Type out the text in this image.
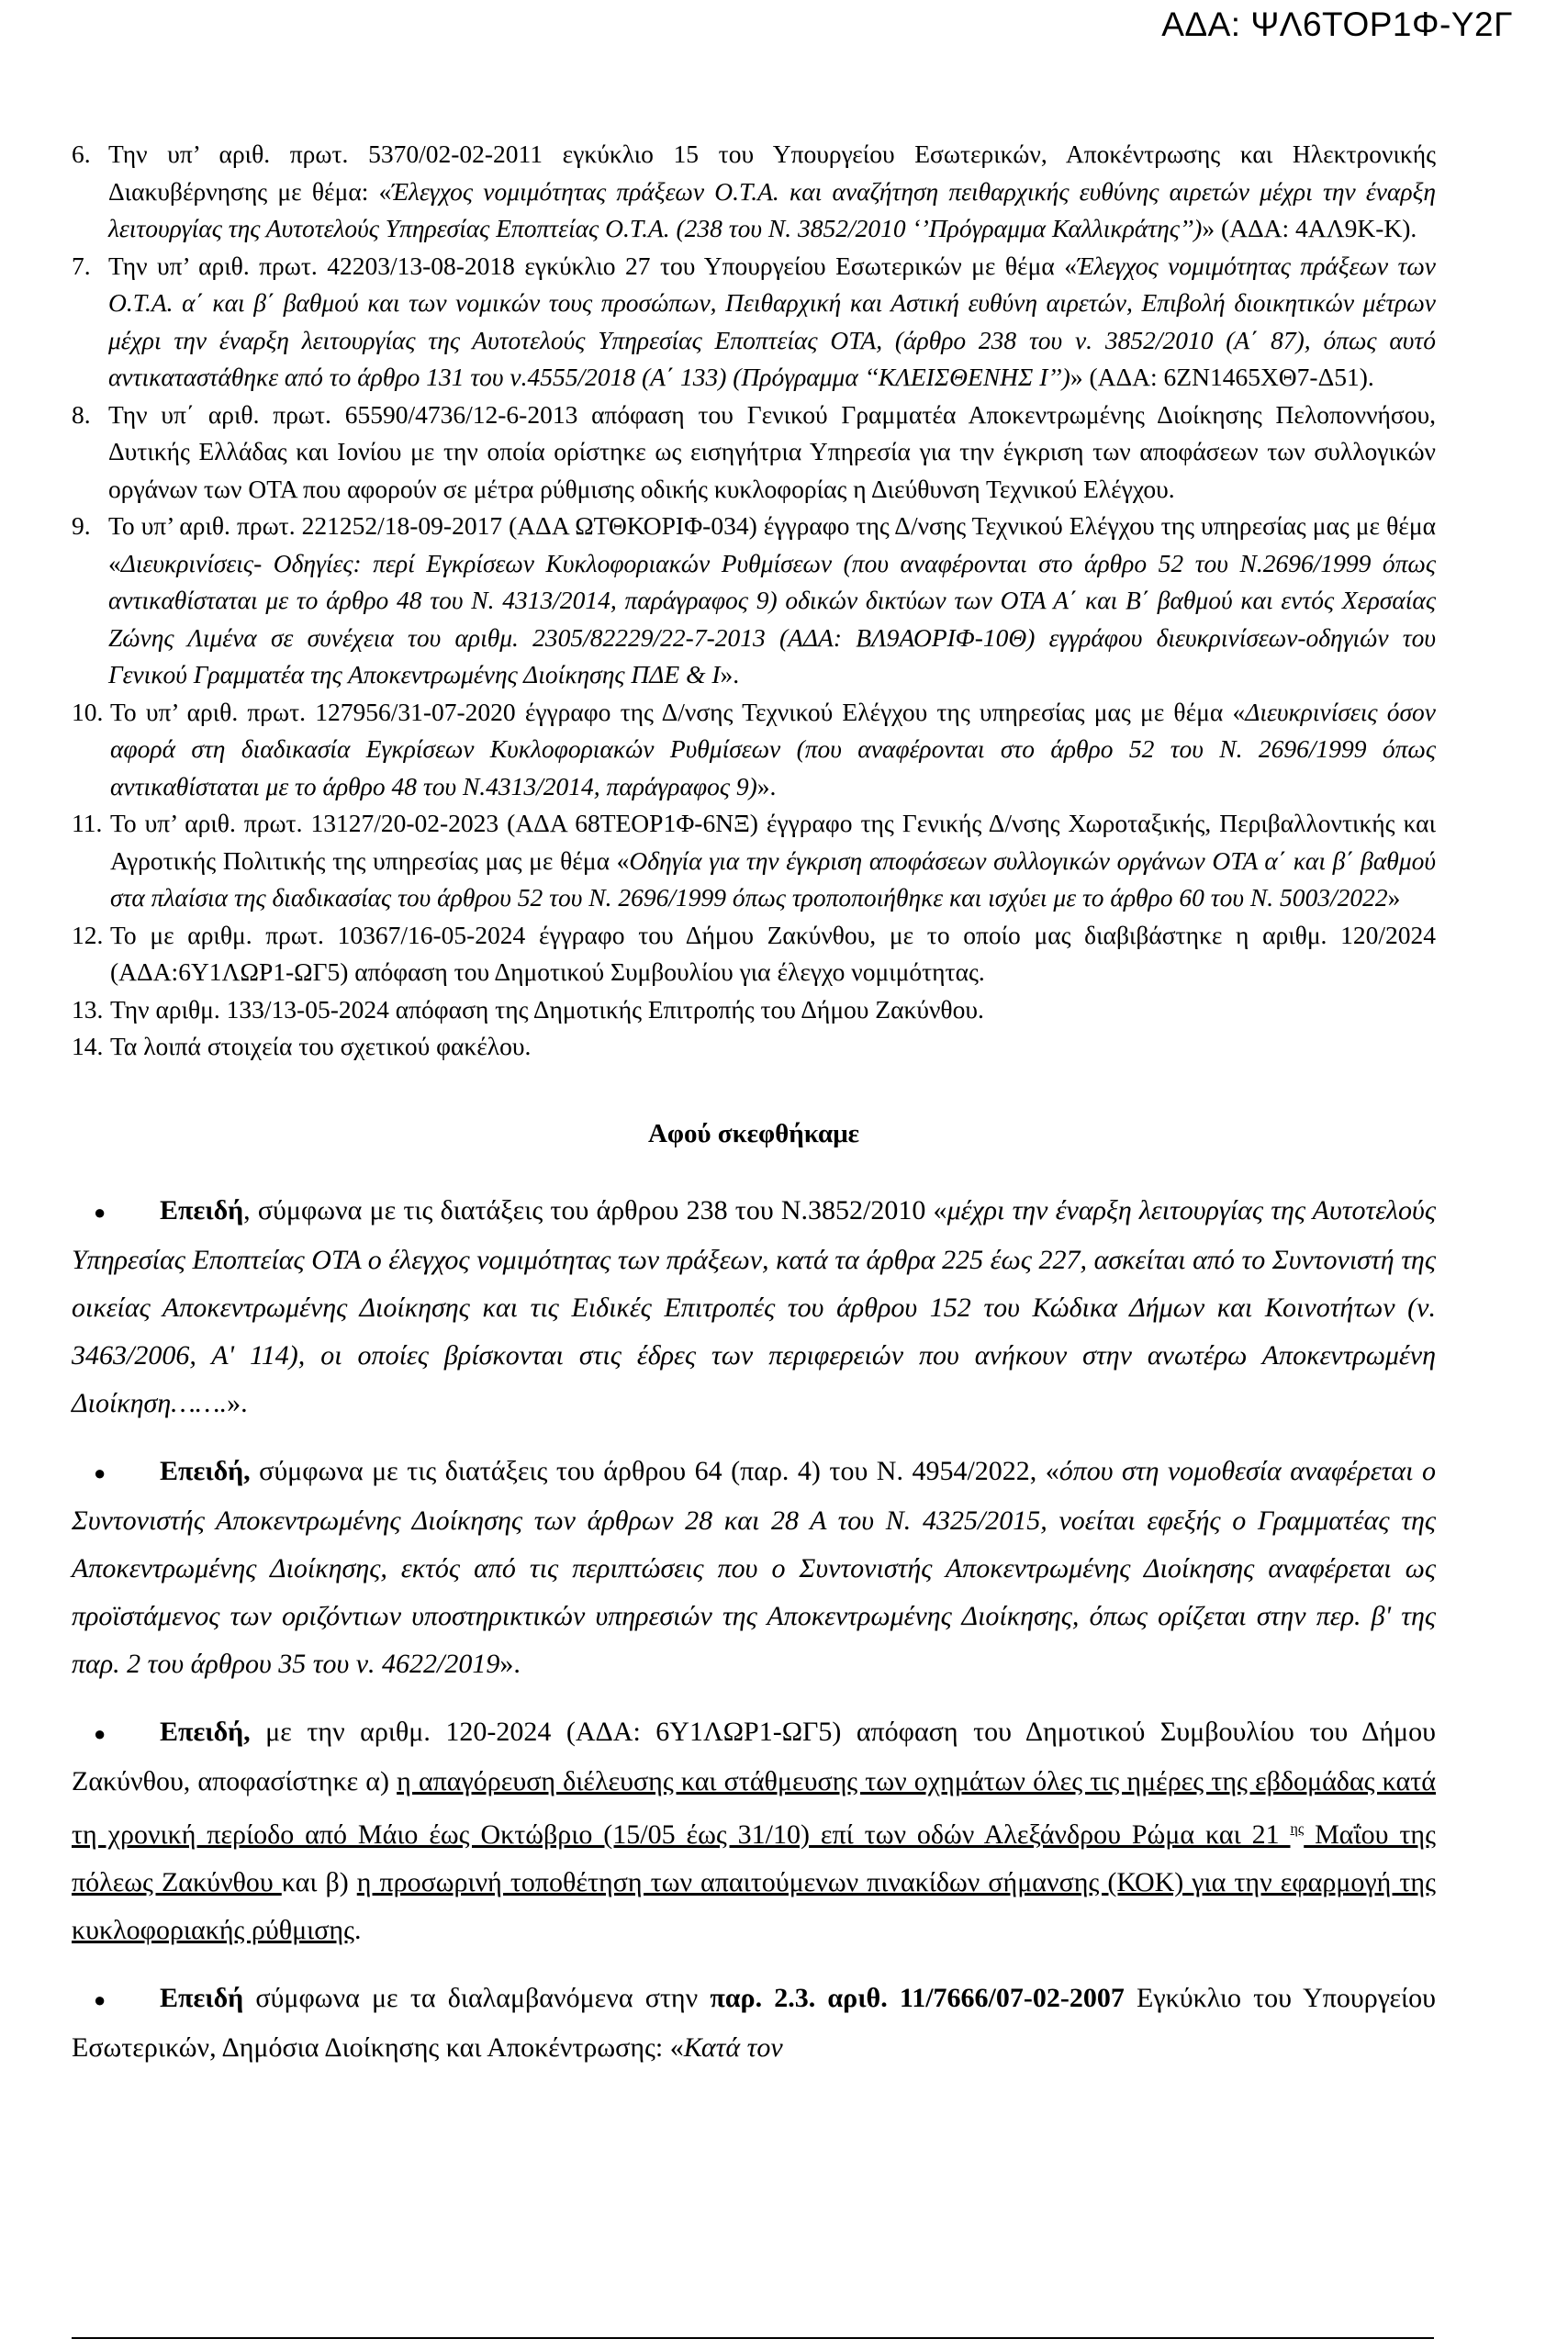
ΑΔΑ: ΨΛ6ΤΟΡ1Φ-Υ2Γ
6. Την υπ’ αριθ. πρωτ. 5370/02-02-2011 εγκύκλιο 15 του Υπουργείου Εσωτερικών, Αποκέντρωσης και Ηλεκτρονικής Διακυβέρνησης με θέμα: «Έλεγχος νομιμότητας πράξεων Ο.Τ.Α. και αναζήτηση πειθαρχικής ευθύνης αιρετών μέχρι την έναρξη λειτουργίας της Αυτοτελούς Υπηρεσίας Εποπτείας Ο.Τ.Α. (238 του Ν. 3852/2010 ‘’Πρόγραμμα Καλλικράτης’’)» (ΑΔΑ: 4ΑΛ9Κ-Κ).
7. Την υπ’ αριθ. πρωτ. 42203/13-08-2018 εγκύκλιο 27 του Υπουργείου Εσωτερικών με θέμα «Έλεγχος νομιμότητας πράξεων των Ο.Τ.Α. α΄ και β΄ βαθμού και των νομικών τους προσώπων, Πειθαρχική και Αστική ευθύνη αιρετών, Επιβολή διοικητικών μέτρων μέχρι την έναρξη λειτουργίας της Αυτοτελούς Υπηρεσίας Εποπτείας ΟΤΑ, (άρθρο 238 του ν. 3852/2010 (Α΄ 87), όπως αυτό αντικαταστάθηκε από το άρθρο 131 του ν.4555/2018 (Α΄ 133) (Πρόγραμμα ‘‘ΚΛΕΙΣΘΕΝΗΣ Ι’’)» (ΑΔΑ: 6ΖΝ1465ΧΘ7-Δ51).
8. Την υπ΄ αριθ. πρωτ. 65590/4736/12-6-2013 απόφαση του Γενικού Γραμματέα Αποκεντρωμένης Διοίκησης Πελοποννήσου, Δυτικής Ελλάδας και Ιονίου με την οποία ορίστηκε ως εισηγήτρια Υπηρεσία για την έγκριση των αποφάσεων των συλλογικών οργάνων των ΟΤΑ που αφορούν σε μέτρα ρύθμισης οδικής κυκλοφορίας η Διεύθυνση Τεχνικού Ελέγχου.
9. Το υπ’ αριθ. πρωτ. 221252/18-09-2017 (ΑΔΑ ΩΤΘΚΟΡΙΦ-034) έγγραφο της Δ/νσης Τεχνικού Ελέγχου της υπηρεσίας μας με θέμα «Διευκρινίσεις- Οδηγίες: περί Εγκρίσεων Κυκλοφοριακών Ρυθμίσεων (που αναφέρονται στο άρθρο 52 του Ν.2696/1999 όπως αντικαθίσταται με το άρθρο 48 του Ν. 4313/2014, παράγραφος 9) οδικών δικτύων των ΟΤΑ Α΄ και Β΄ βαθμού και εντός Χερσαίας Ζώνης Λιμένα σε συνέχεια του αριθμ. 2305/82229/22-7-2013 (ΑΔΑ: ΒΛ9ΑΟΡΙΦ-10Θ) εγγράφου διευκρινίσεων-οδηγιών του Γενικού Γραμματέα της Αποκεντρωμένης Διοίκησης ΠΔΕ & Ι».
10. Το υπ’ αριθ. πρωτ. 127956/31-07-2020 έγγραφο της Δ/νσης Τεχνικού Ελέγχου της υπηρεσίας μας με θέμα «Διευκρινίσεις όσον αφορά στη διαδικασία Εγκρίσεων Κυκλοφοριακών Ρυθμίσεων (που αναφέρονται στο άρθρο 52 του Ν. 2696/1999 όπως αντικαθίσταται με το άρθρο 48 του Ν.4313/2014, παράγραφος 9)».
11. Το υπ’ αριθ. πρωτ. 13127/20-02-2023 (ΑΔΑ 68ΤΕΟΡ1Φ-6ΝΞ) έγγραφο της Γενικής Δ/νσης Χωροταξικής, Περιβαλλοντικής και Αγροτικής Πολιτικής της υπηρεσίας μας με θέμα «Οδηγία για την έγκριση αποφάσεων συλλογικών οργάνων ΟΤΑ α΄ και β΄ βαθμού στα πλαίσια της διαδικασίας του άρθρου 52 του Ν. 2696/1999 όπως τροποποιήθηκε και ισχύει με το άρθρο 60 του Ν. 5003/2022»
12. Το με αριθμ. πρωτ. 10367/16-05-2024 έγγραφο του Δήμου Ζακύνθου, με το οποίο μας διαβιβάστηκε η αριθμ. 120/2024 (ΑΔΑ:6Υ1ΛΩΡ1-ΩΓ5) απόφαση του Δημοτικού Συμβουλίου για έλεγχο νομιμότητας.
13. Την αριθμ. 133/13-05-2024 απόφαση της Δημοτικής Επιτροπής του Δήμου Ζακύνθου.
14. Τα λοιπά στοιχεία του σχετικού φακέλου.
Αφού σκεφθήκαμε
●Επειδή, σύμφωνα με τις διατάξεις του άρθρου 238 του Ν.3852/2010 «μέχρι την έναρξη λειτουργίας της Αυτοτελούς Υπηρεσίας Εποπτείας ΟΤΑ ο έλεγχος νομιμότητας των πράξεων, κατά τα άρθρα 225 έως 227, ασκείται από το Συντονιστή της οικείας Αποκεντρωμένης Διοίκησης και τις Ειδικές Επιτροπές του άρθρου 152 του Κώδικα Δήμων και Κοινοτήτων (ν. 3463/2006, Α' 114), οι οποίες βρίσκονται στις έδρες των περιφερειών που ανήκουν στην ανωτέρω Αποκεντρωμένη Διοίκηση…….».
●Επειδή, σύμφωνα με τις διατάξεις του άρθρου 64 (παρ. 4) του Ν. 4954/2022, «όπου στη νομοθεσία αναφέρεται ο Συντονιστής Αποκεντρωμένης Διοίκησης των άρθρων 28 και 28 Α του Ν. 4325/2015, νοείται εφεξής ο Γραμματέας της Αποκεντρωμένης Διοίκησης, εκτός από τις περιπτώσεις που ο Συντονιστής Αποκεντρωμένης Διοίκησης αναφέρεται ως προϊστάμενος των οριζόντιων υποστηρικτικών υπηρεσιών της Αποκεντρωμένης Διοίκησης, όπως ορίζεται στην περ. β' της παρ. 2 του άρθρου 35 του ν. 4622/2019».
●Επειδή, με την αριθμ. 120-2024 (ΑΔΑ: 6Υ1ΛΩΡ1-ΩΓ5) απόφαση του Δημοτικού Συμβουλίου του Δήμου Ζακύνθου, αποφασίστηκε α) η απαγόρευση διέλευσης και στάθμευσης των οχημάτων όλες τις ημέρες της εβδομάδας κατά τη χρονική περίοδο από Μάιο έως Οκτώβριο (15/05 έως 31/10) επί των οδών Αλεξάνδρου Ρώμα και 21 $^{\eta\varsigma}$ Μαΐου της πόλεως Ζακύνθου και β) η προσωρινή τοποθέτηση των απαιτούμενων πινακίδων σήμανσης (ΚΟΚ) για την εφαρμογή της κυκλοφοριακής ρύθμισης.
●Επειδή σύμφωνα με τα διαλαμβανόμενα στην παρ. 2.3. αριθ. 11/7666/07-02-2007 Εγκύκλιο του Υπουργείου Εσωτερικών, Δημόσια Διοίκησης και Αποκέντρωσης: «Κατά τον
